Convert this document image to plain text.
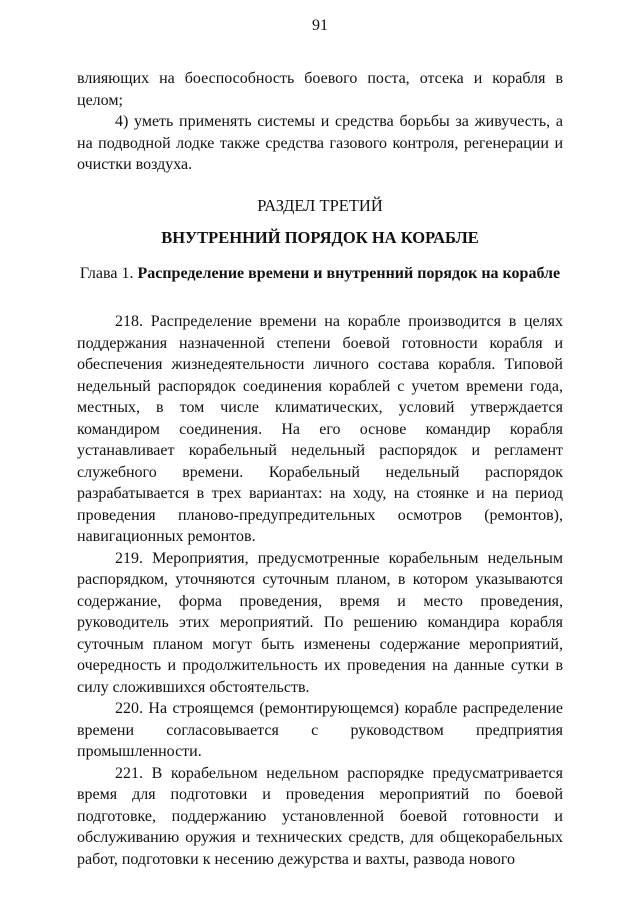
91

влияющих на боеспособность боевого поста, отсека и корабля в целом;

4) уметь применять системы и средства борьбы за живучесть, а на подводной лодке также средства газового контроля, регенерации и очистки воздуха.

РАЗДЕЛ ТРЕТИЙ
ВНУТРЕННИЙ ПОРЯДОК НА КОРАБЛЕ
Глава 1. Распределение времени и внутренний порядок на корабле

218. Распределение времени на корабле производится в целях поддержания назначенной степени боевой готовности корабля и обеспечения жизнедеятельности личного состава корабля. Типовой недельный распорядок соединения кораблей с учетом времени года, местных, в том числе климатических, условий утверждается командиром соединения. На его основе командир корабля устанавливает корабельный недельный распорядок и регламент служебного времени. Корабельный недельный распорядок разрабатывается в трех вариантах: на ходу, на стоянке и на период проведения планово-предупредительных осмотров (ремонтов), навигационных ремонтов.

219. Мероприятия, предусмотренные корабельным недельным распорядком, уточняются суточным планом, в котором указываются содержание, форма проведения, время и место проведения, руководитель этих мероприятий. По решению командира корабля суточным планом могут быть изменены содержание мероприятий, очередность и продолжительность их проведения на данные сутки в силу сложившихся обстоятельств.

220. На строящемся (ремонтирующемся) корабле распределение времени согласовывается с руководством предприятия промышленности.

221. В корабельном недельном распорядке предусматривается время для подготовки и проведения мероприятий по боевой подготовке, поддержанию установленной боевой готовности и обслуживанию оружия и технических средств, для общекорабельных работ, подготовки к несению дежурства и вахты, развода нового
